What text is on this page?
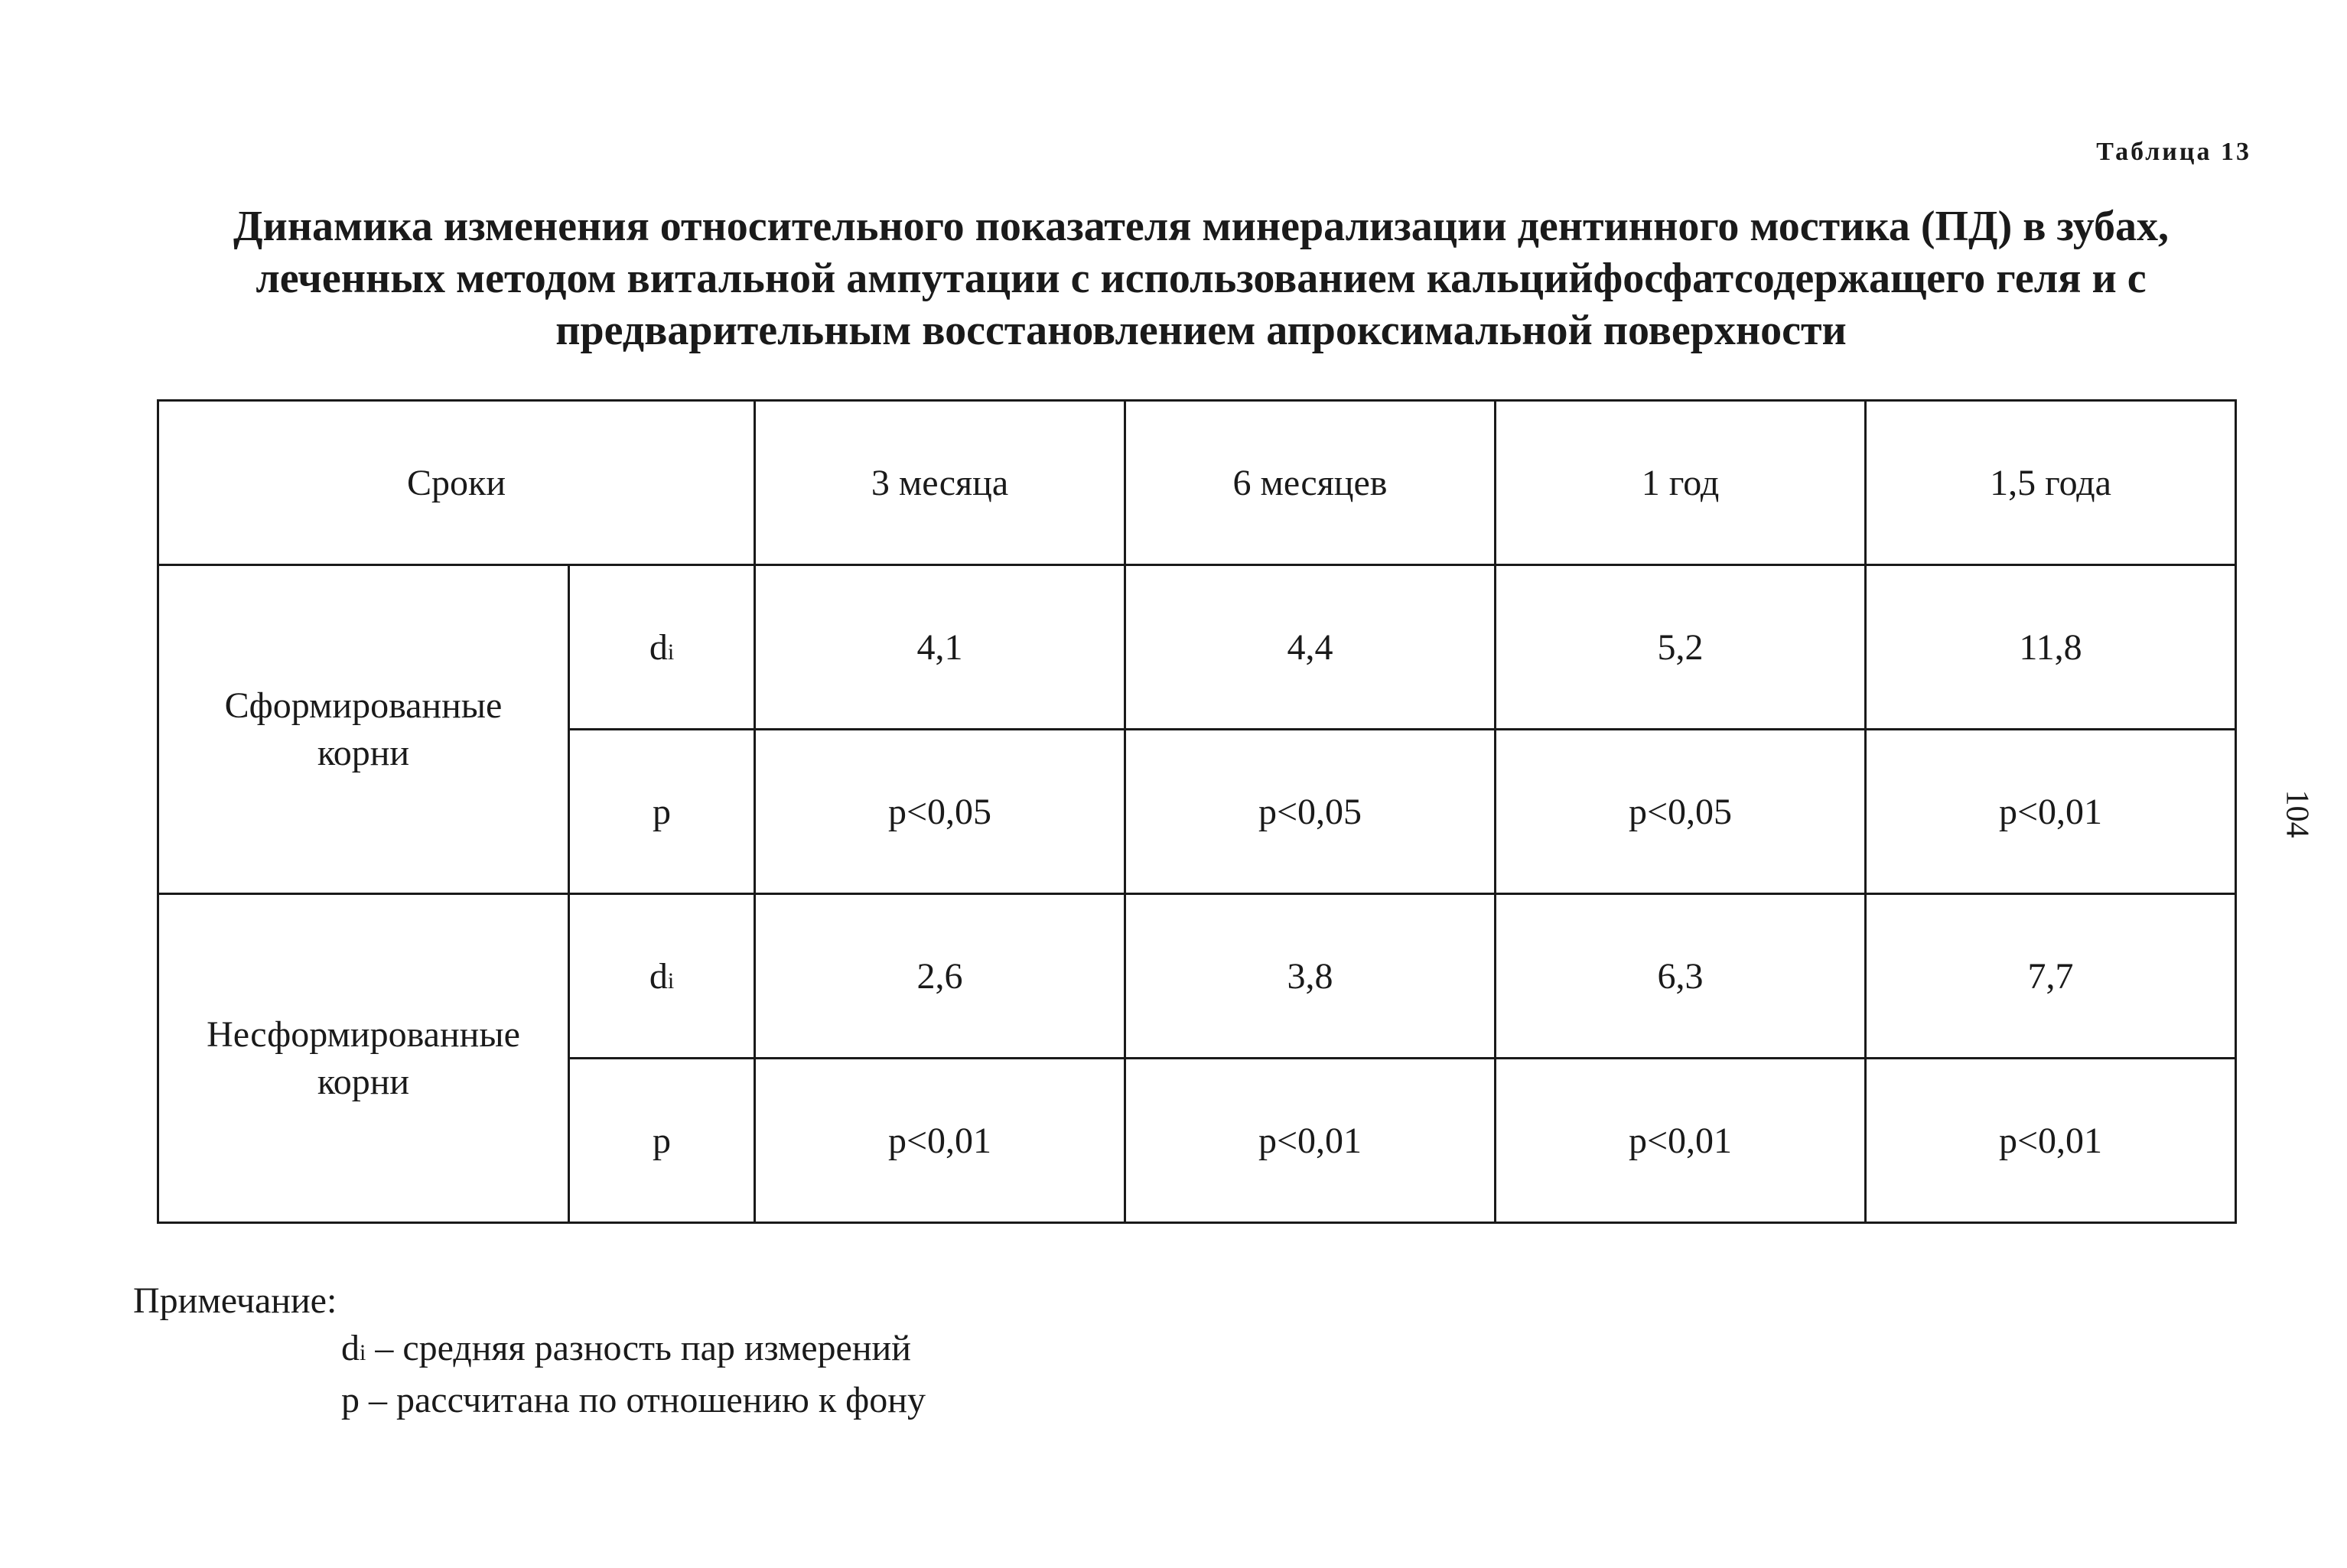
Таблица 13
Динамика изменения относительного показателя минерализации дентинного мостика (ПД) в зубах,
леченных методом витальной ампутации с использованием кальцийфосфатсодержащего геля и с
предварительным восстановлением апроксимальной поверхности
Сроки		3 месяца	6 месяцев	1 год	1,5 года

Сформированные
корни	di	4,1	4,4	5,2	11,8
	p	p<0,05	p<0,05	p<0,05	p<0,01

Несформированные
корни	di	2,6	3,8	6,3	7,7
	p	p<0,01	p<0,01	p<0,01	p<0,01
Примечание:
di – средняя разность пар измерений
p – рассчитана по отношению к фону
104
